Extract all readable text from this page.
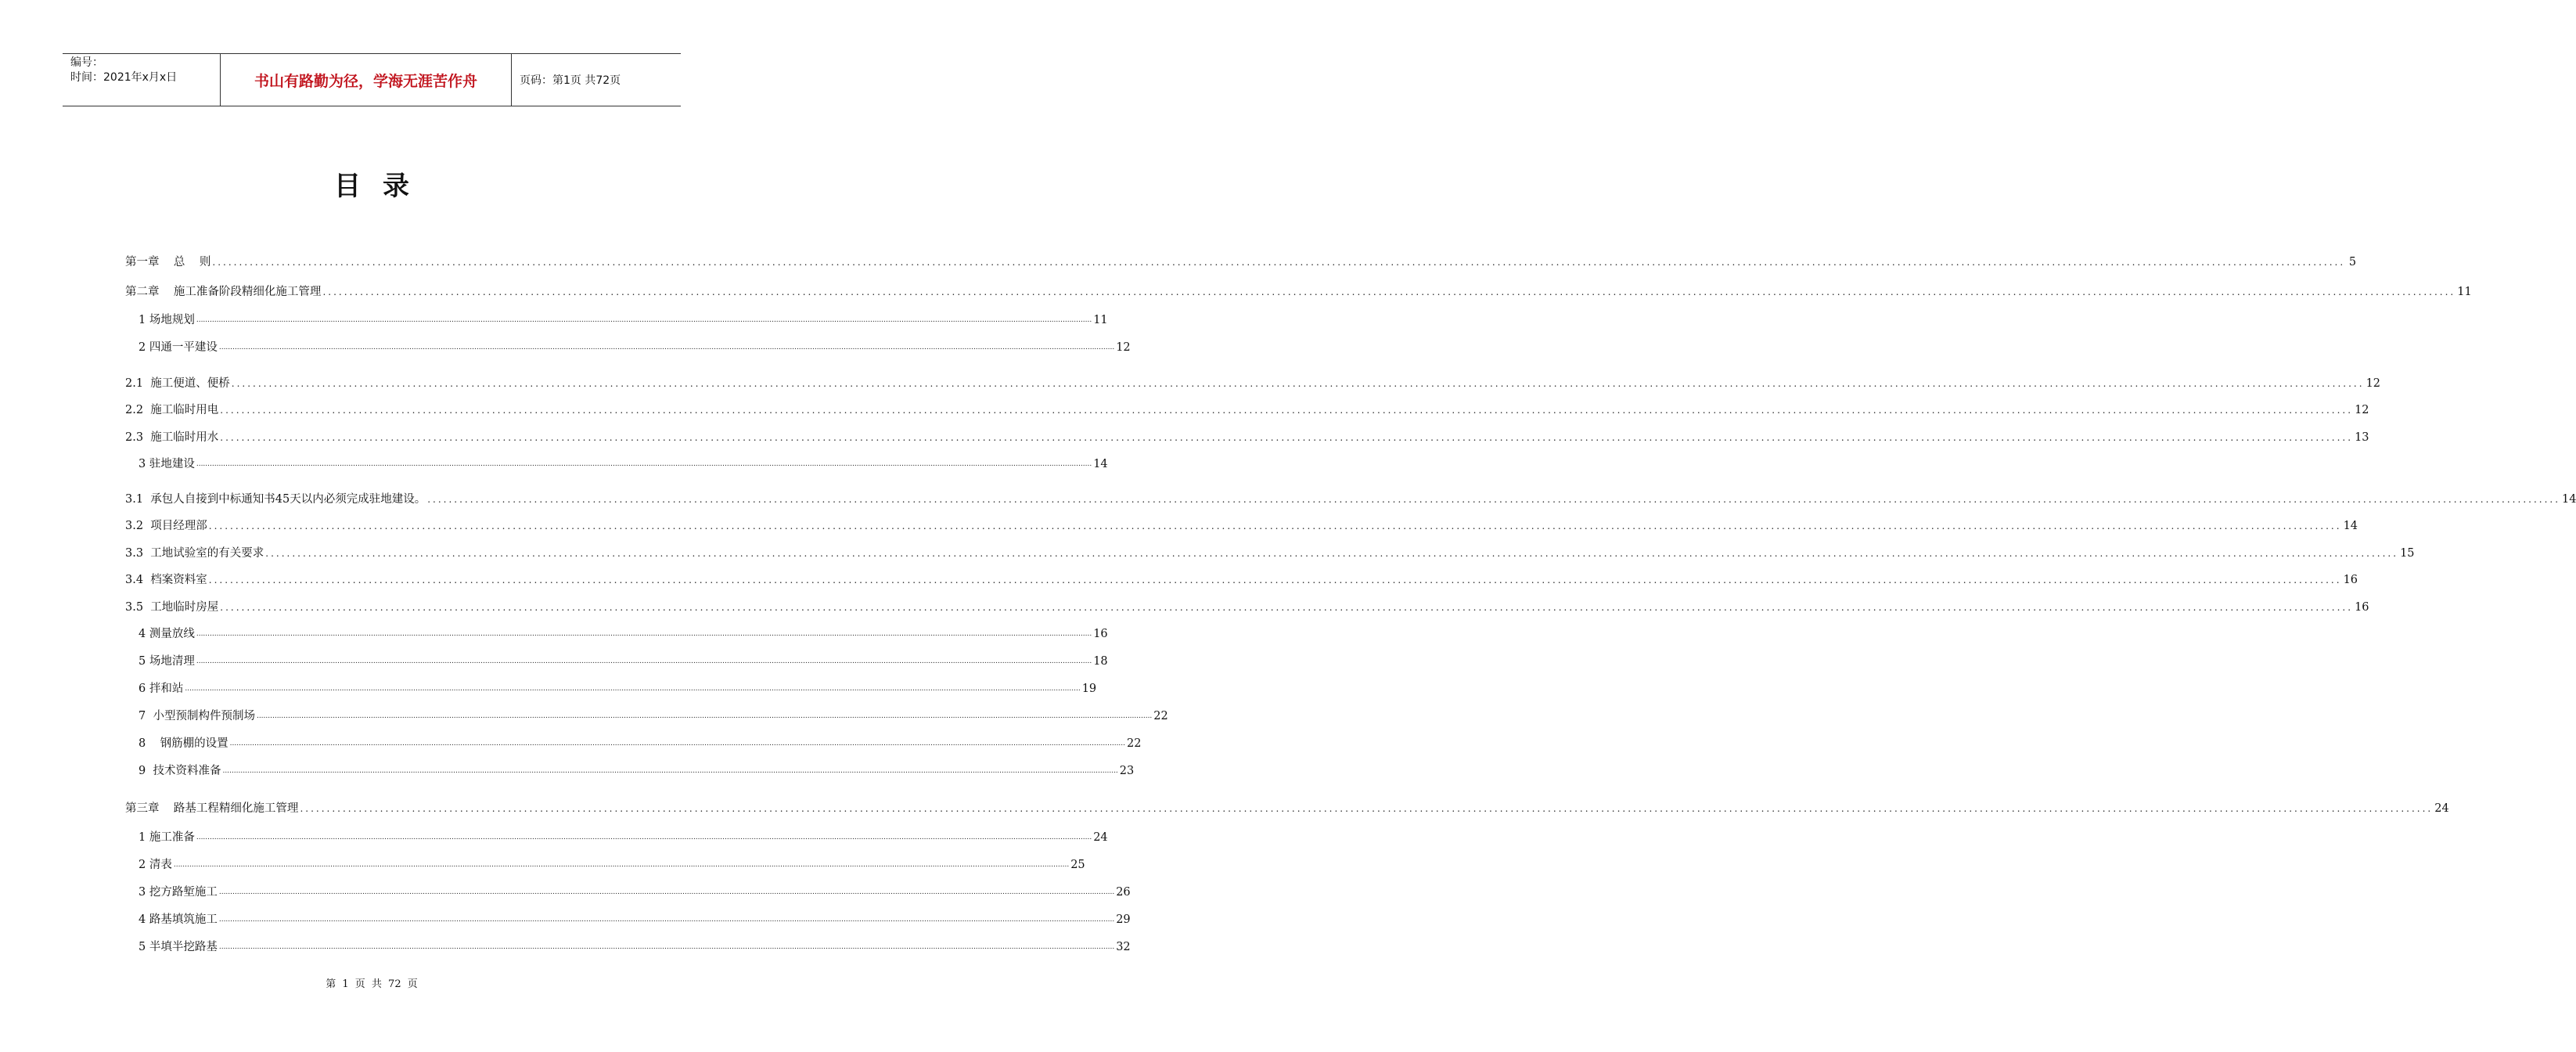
编号：
时间：2021年x月x日	书山有路勤为径，学海无涯苦作舟	页码：第1页 共72页
目录
第一章    总    则 ................................................................................................................................................................................................................................................................................................................................................................................................................ 5
第二章    施工准备阶段精细化施工管理 ................................................................................................................................................................................................................................................................................................................................................................................................................ 11
1 场地规划 ................................................................................................................................................................................................................................................................................................................................................................................................................ 11
2 四通一平建设 ................................................................................................................................................................................................................................................................................................................................................................................................................ 12
2.1  施工便道、便桥 ................................................................................................................................................................................................................................................................................................................................................................................................................ 12
2.2  施工临时用电 ................................................................................................................................................................................................................................................................................................................................................................................................................ 12
2.3  施工临时用水 ................................................................................................................................................................................................................................................................................................................................................................................................................ 13
3 驻地建设 ................................................................................................................................................................................................................................................................................................................................................................................................................ 14
3.1  承包人自接到中标通知书45天以内必须完成驻地建设。 ................................................................................................................................................................................................................................................................................................................................................................................................................ 14
3.2  项目经理部 ................................................................................................................................................................................................................................................................................................................................................................................................................ 14
3.3  工地试验室的有关要求 ................................................................................................................................................................................................................................................................................................................................................................................................................ 15
3.4  档案资料室 ................................................................................................................................................................................................................................................................................................................................................................................................................ 16
3.5  工地临时房屋 ................................................................................................................................................................................................................................................................................................................................................................................................................ 16
4 测量放线 ................................................................................................................................................................................................................................................................................................................................................................................................................ 16
5 场地清理 ................................................................................................................................................................................................................................................................................................................................................................................................................ 18
6 拌和站 ................................................................................................................................................................................................................................................................................................................................................................................................................ 19
7  小型预制构件预制场 ................................................................................................................................................................................................................................................................................................................................................................................................................ 22
8    钢筋棚的设置 ................................................................................................................................................................................................................................................................................................................................................................................................................ 22
9  技术资料准备 ................................................................................................................................................................................................................................................................................................................................................................................................................ 23
第三章    路基工程精细化施工管理 ................................................................................................................................................................................................................................................................................................................................................................................................................ 24
1 施工准备 ................................................................................................................................................................................................................................................................................................................................................................................................................ 24
2 清表 ................................................................................................................................................................................................................................................................................................................................................................................................................ 25
3 挖方路堑施工 ................................................................................................................................................................................................................................................................................................................................................................................................................ 26
4 路基填筑施工 ................................................................................................................................................................................................................................................................................................................................................................................................................ 29
5 半填半挖路基 ................................................................................................................................................................................................................................................................................................................................................................................................................ 32
第 1 页 共 72 页
